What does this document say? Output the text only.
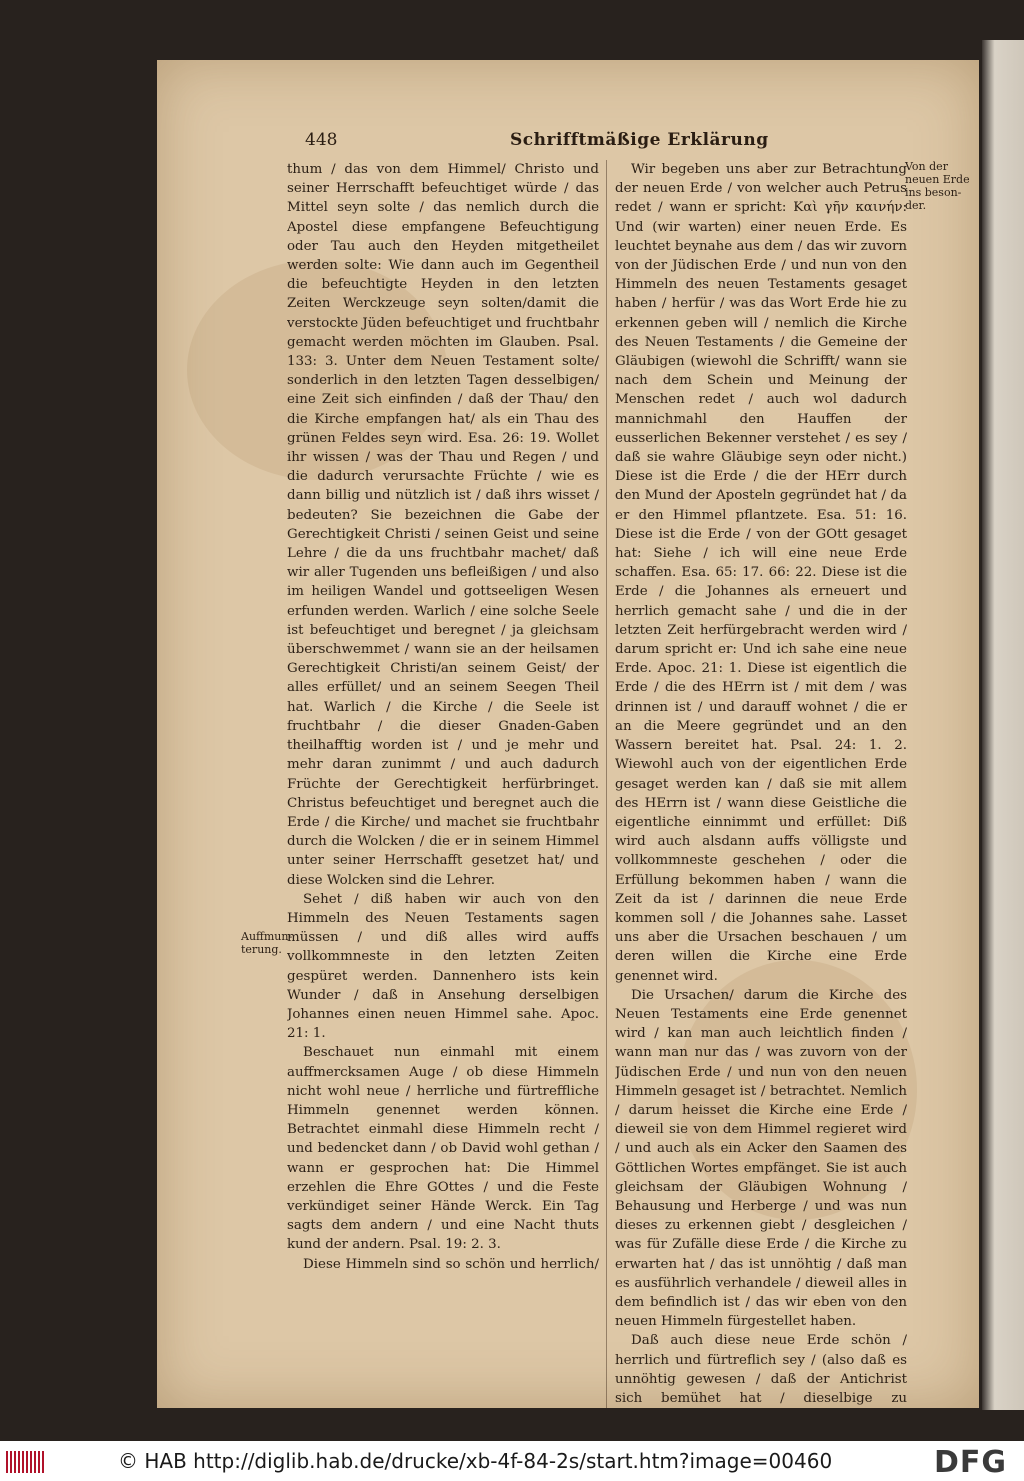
448	Schrifftmäßige Erklärung

thum / das von dem Himmel/ Christo und seiner Herrschafft befeuchtiget würde / das Mittel seyn solte / das nemlich durch die Apostel diese empfangene Befeuchtigung oder Tau auch den Heyden mitgetheilet werden solte: Wie dann auch im Gegentheil die befeuchtigte Heyden in den letzten Zeiten Werckzeuge seyn solten/damit die verstockte Jüden befeuchtiget und fruchtbahr gemacht werden möchten im Glauben. Psal. 133: 3. Unter dem Neuen Testament solte/ sonderlich in den letzten Tagen desselbigen/ eine Zeit sich einfinden / daß der Thau/ den die Kirche empfangen hat/ als ein Thau des grünen Feldes seyn wird. Esa. 26: 19. Wollet ihr wissen / was der Thau und Regen / und die dadurch verursachte Früchte / wie es dann billig und nützlich ist / daß ihrs wisset / bedeuten? Sie bezeichnen die Gabe der Gerechtigkeit Christi / seinen Geist und seine Lehre / die da uns fruchtbahr machet/ daß wir aller Tugenden uns befleißigen / und also im heiligen Wandel und gottseeligen Wesen erfunden werden. Warlich / eine solche Seele ist befeuchtiget und beregnet / ja gleichsam überschwemmet / wann sie an der heilsamen Gerechtigkeit Christi/an seinem Geist/ der alles erfüllet/ und an seinem Seegen Theil hat. Warlich / die Kirche / die Seele ist fruchtbahr / die dieser Gnaden-Gaben theilhafftig worden ist / und je mehr und mehr daran zunimmt / und auch dadurch Früchte der Gerechtigkeit herfürbringet. Christus befeuchtiget und beregnet auch die Erde / die Kirche/ und machet sie fruchtbahr durch die Wolcken / die er in seinem Himmel unter seiner Herrschafft gesetzet hat/ und diese Wolcken sind die Lehrer.

Sehet / diß haben wir auch von den Himmeln des Neuen Testaments sagen müssen / und diß alles wird auffs vollkommneste in den letzten Zeiten gespüret werden. Dannenhero ists kein Wunder / daß in Ansehung derselbigen Johannes einen neuen Himmel sahe. Apoc. 21: 1.

Beschauet nun einmahl mit einem auffmercksamen Auge / ob diese Himmeln nicht wohl neue / herrliche und fürtreffliche Himmeln genennet werden können. Betrachtet einmahl diese Himmeln recht / und bedencket dann / ob David wohl gethan / wann er gesprochen hat: Die Himmel erzehlen die Ehre GOttes / und die Feste verkündiget seiner Hände Werck. Ein Tag sagts dem andern / und eine Nacht thuts kund der andern. Psal. 19: 2. 3.

Diese Himmeln sind so schön und herrlich/

Wir begeben uns aber zur Betrachtung der neuen Erde / von welcher auch Petrus redet / wann er spricht: Καὶ γῆν καινήν: Und (wir warten) einer neuen Erde. Es leuchtet beynahe aus dem / das wir zuvorn von der Jüdischen Erde / und nun von den Himmeln des neuen Testaments gesaget haben / herfür / was das Wort Erde hie zu erkennen geben will / nemlich die Kirche des Neuen Testaments / die Gemeine der Gläubigen (wiewohl die Schrifft/ wann sie nach dem Schein und Meinung der Menschen redet / auch wol dadurch mannichmahl den Hauffen der eusserlichen Bekenner verstehet / es sey / daß sie wahre Gläubige seyn oder nicht.) Diese ist die Erde / die der HErr durch den Mund der Aposteln gegründet hat / da er den Himmel pflantzete. Esa. 51: 16. Diese ist die Erde / von der GOtt gesaget hat: Siehe / ich will eine neue Erde schaffen. Esa. 65: 17. 66: 22. Diese ist die Erde / die Johannes als erneuert und herrlich gemacht sahe / und die in der letzten Zeit herfürgebracht werden wird / darum spricht er: Und ich sahe eine neue Erde. Apoc. 21: 1. Diese ist eigentlich die Erde / die des HErrn ist / mit dem / was drinnen ist / und darauff wohnet / die er an die Meere gegründet und an den Wassern bereitet hat. Psal. 24: 1. 2. Wiewohl auch von der eigentlichen Erde gesaget werden kan / daß sie mit allem des HErrn ist / wann diese Geistliche die eigentliche einnimmt und erfüllet: Diß wird auch alsdann auffs völligste und vollkommneste geschehen / oder die Erfüllung bekommen haben / wann die Zeit da ist / darinnen die neue Erde kommen soll / die Johannes sahe. Lasset uns aber die Ursachen beschauen / um deren willen die Kirche eine Erde genennet wird.

Die Ursachen/ darum die Kirche des Neuen Testaments eine Erde genennet wird / kan man auch leichtlich finden / wann man nur das / was zuvorn von der Jüdischen Erde / und nun von den neuen Himmeln gesaget ist / betrachtet. Nemlich / darum heisset die Kirche eine Erde / dieweil sie von dem Himmel regieret wird / und auch als ein Acker den Saamen des Göttlichen Wortes empfänget. Sie ist auch gleichsam der Gläubigen Wohnung / Behausung und Herberge / und was nun dieses zu erkennen giebt / desgleichen / was für Zufälle diese Erde / die Kirche zu erwarten hat / das ist unnöhtig / daß man es ausführlich verhandele / dieweil alles in dem befindlich ist / das wir eben von den neuen Himmeln fürgestellet haben.

Daß auch diese neue Erde schön / herrlich und fürtreflich sey / (also daß es unnöhtig gewesen / daß der Antichrist sich bemühet hat / dieselbige zu

Von der neuen Erde ins beson- der.
Auffmun- terung.
© HAB http://diglib.hab.de/drucke/xb-4f-84-2s/start.htm?image=00460	DFG
